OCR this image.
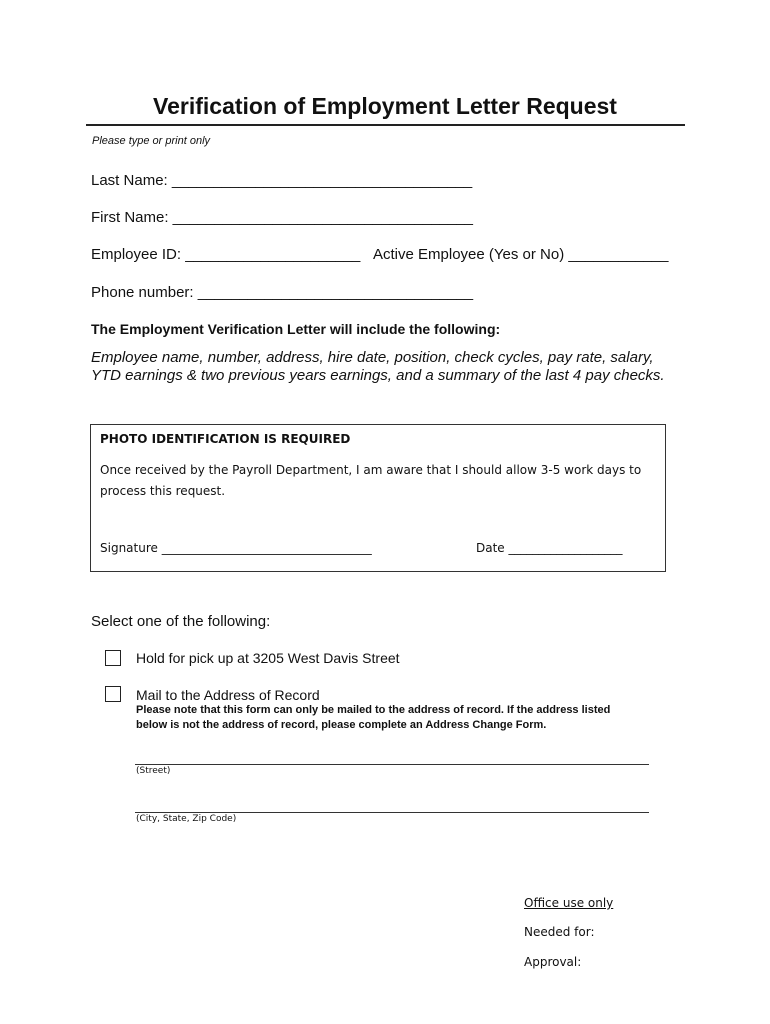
Verification of Employment Letter Request
Please type or print only
Last Name: ____________________________________
First Name: ____________________________________
Employee ID: _____________________ Active Employee (Yes or No) ____________
Phone number: _________________________________
The Employment Verification Letter will include the following:
Employee name, number, address, hire date, position, check cycles, pay rate, salary,
YTD earnings & two previous years earnings, and a summary of the last 4 pay checks.
PHOTO IDENTIFICATION IS REQUIRED
Once received by the Payroll Department, I am aware that I should allow 3-5 work days to
process this request.
Signature ___________________________________	Date ___________________
Select one of the following:
Hold for pick up at 3205 West Davis Street
Mail to the Address of Record
Please note that this form can only be mailed to the address of record. If the address listed
below is not the address of record, please complete an Address Change Form.
(Street)
(City, State, Zip Code)
Office use only
Needed for:
Approval:
